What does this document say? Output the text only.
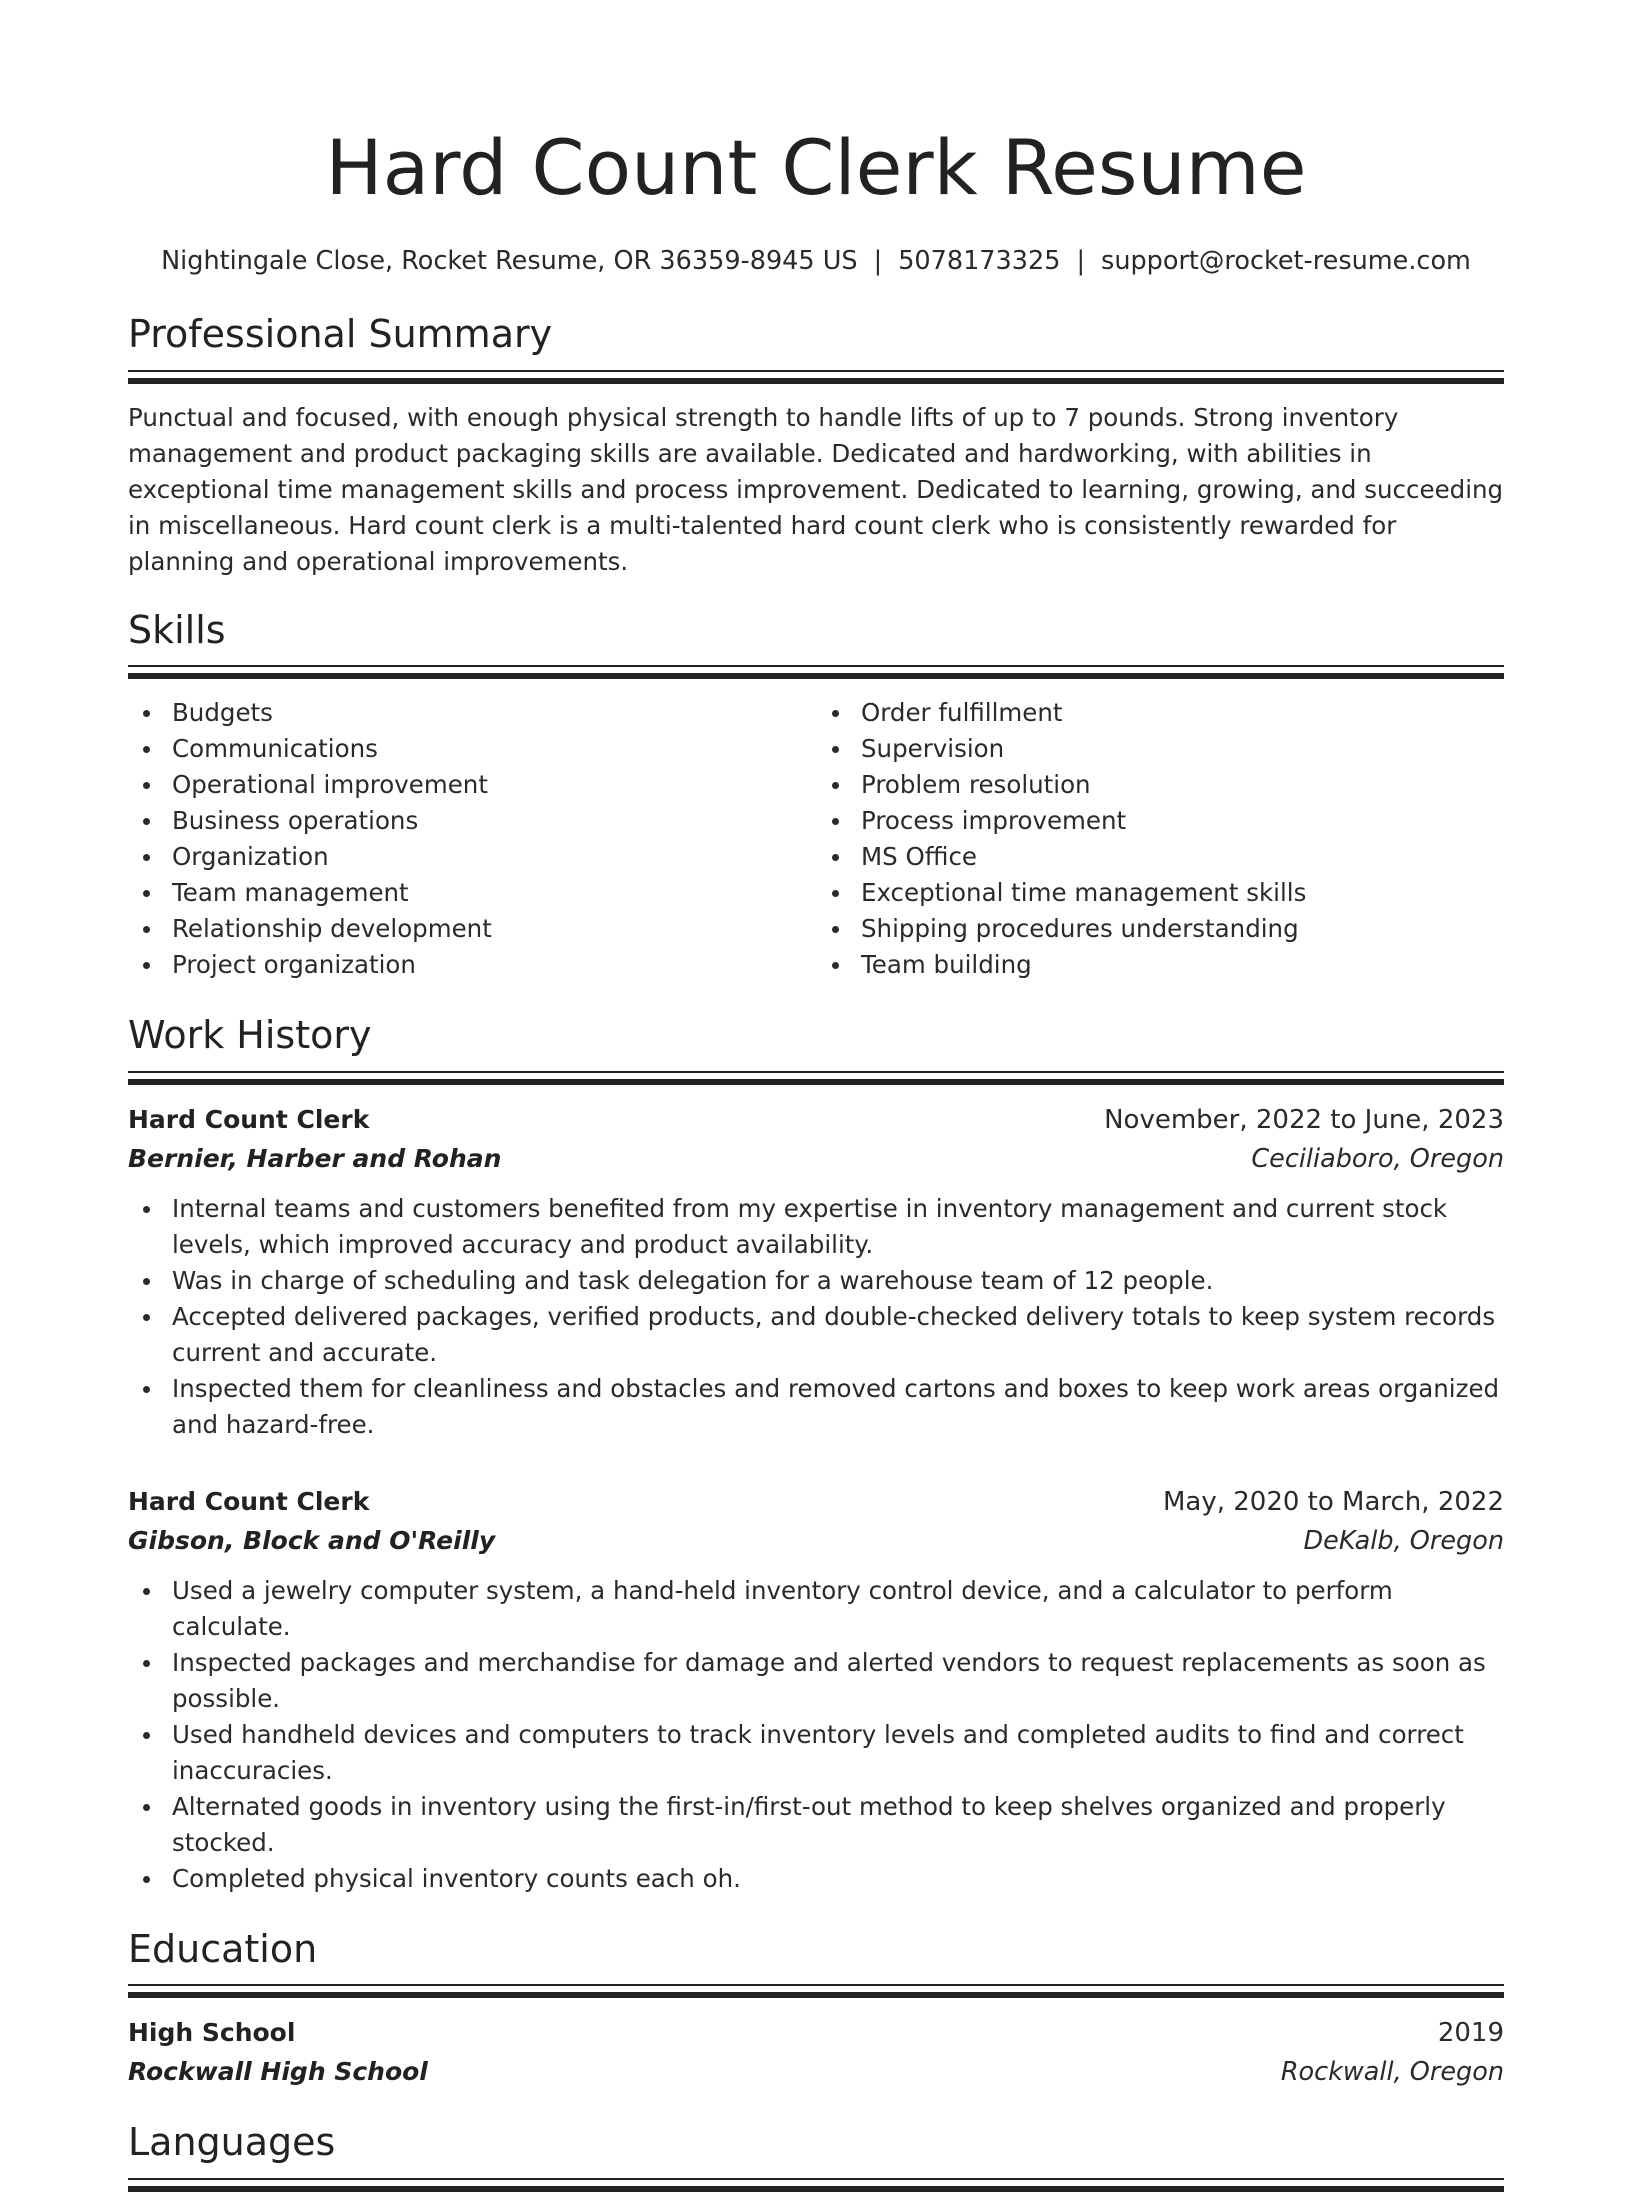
Hard Count Clerk Resume
Nightingale Close, Rocket Resume, OR 36359-8945 US | 5078173325 | support@rocket-resume.com
Professional Summary
Punctual and focused, with enough physical strength to handle lifts of up to 7 pounds. Strong inventory management and product packaging skills are available. Dedicated and hardworking, with abilities in exceptional time management skills and process improvement. Dedicated to learning, growing, and succeeding in miscellaneous. Hard count clerk is a multi-talented hard count clerk who is consistently rewarded for planning and operational improvements.
Skills
Budgets
Communications
Operational improvement
Business operations
Organization
Team management
Relationship development
Project organization
Order fulfillment
Supervision
Problem resolution
Process improvement
MS Office
Exceptional time management skills
Shipping procedures understanding
Team building
Work History
Hard Count Clerk	November, 2022 to June, 2023
Bernier, Harber and Rohan	Ceciliaboro, Oregon
Internal teams and customers benefited from my expertise in inventory management and current stock levels, which improved accuracy and product availability.
Was in charge of scheduling and task delegation for a warehouse team of 12 people.
Accepted delivered packages, verified products, and double-checked delivery totals to keep system records current and accurate.
Inspected them for cleanliness and obstacles and removed cartons and boxes to keep work areas organized and hazard-free.
Hard Count Clerk	May, 2020 to March, 2022
Gibson, Block and O'Reilly	DeKalb, Oregon
Used a jewelry computer system, a hand-held inventory control device, and a calculator to perform calculate.
Inspected packages and merchandise for damage and alerted vendors to request replacements as soon as possible.
Used handheld devices and computers to track inventory levels and completed audits to find and correct inaccuracies.
Alternated goods in inventory using the first-in/first-out method to keep shelves organized and properly stocked.
Completed physical inventory counts each oh.
Education
High School	2019
Rockwall High School	Rockwall, Oregon
Languages
